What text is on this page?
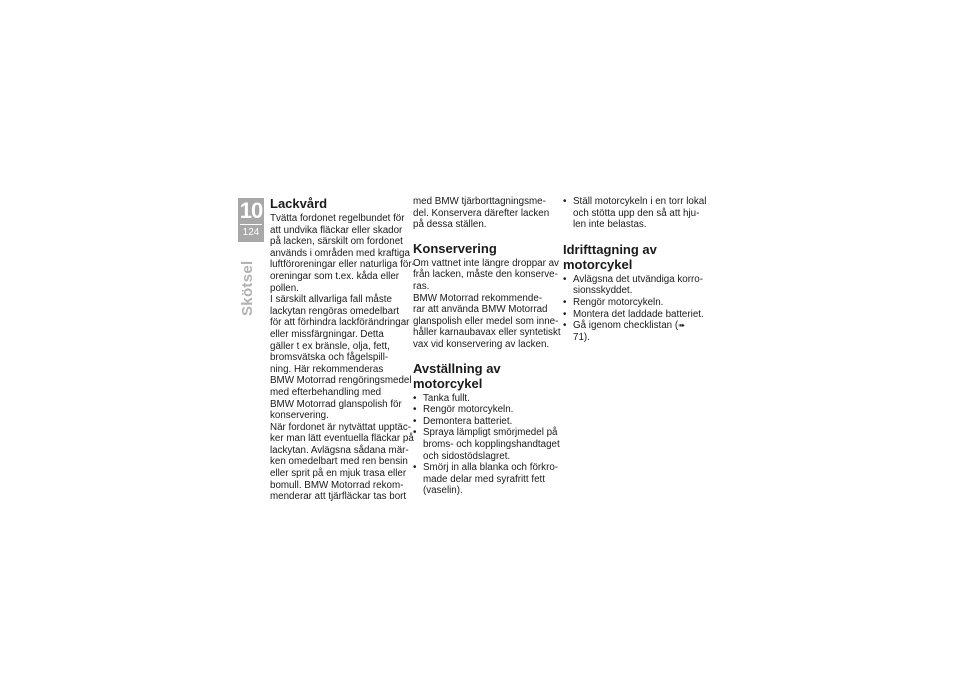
10
124
Skötsel
Lackvård
Tvätta fordonet regelbundet för
att undvika fläckar eller skador
på lacken, särskilt om fordonet
används i områden med kraftiga
luftföroreningar eller naturliga för-
oreningar som t.ex. kåda eller
pollen.
I särskilt allvarliga fall måste
lackytan rengöras omedelbart
för att förhindra lackförändringar
eller missfärgningar. Detta
gäller t ex bränsle, olja, fett,
bromsvätska och fågelspill-
ning. Här rekommenderas
BMW Motorrad rengöringsmedel
med efterbehandling med
BMW Motorrad glanspolish för
konservering.
När fordonet är nytvättat upptäc-
ker man lätt eventuella fläckar på
lackytan. Avlägsna sådana mär-
ken omedelbart med ren bensin
eller sprit på en mjuk trasa eller
bomull. BMW Motorrad rekom-
menderar att tjärfläckar tas bort
med BMW tjärborttagningsme-
del. Konservera därefter lacken
på dessa ställen.
Konservering
Om vattnet inte längre droppar av
från lacken, måste den konserve-
ras.
BMW Motorrad rekommende-
rar att använda BMW Motorrad
glanspolish eller medel som inne-
håller karnaubavax eller syntetiskt
vax vid konservering av lacken.
Avställning av
motorcykel
• Tanka fullt.
• Rengör motorcykeln.
• Demontera batteriet.
• Spraya lämpligt smörjmedel på
broms- och kopplingshandtaget
och sidostödslagret.
• Smörj in alla blanka och förkro-
made delar med syrafritt fett
(vaselin).
• Ställ motorcykeln i en torr lokal
och stötta upp den så att hju-
len inte belastas.
Idrifttagning av
motorcykel
• Avlägsna det utvändiga korro-
sionsskyddet.
• Rengör motorcykeln.
• Montera det laddade batteriet.
• Gå igenom checklistan (➠ 71).
